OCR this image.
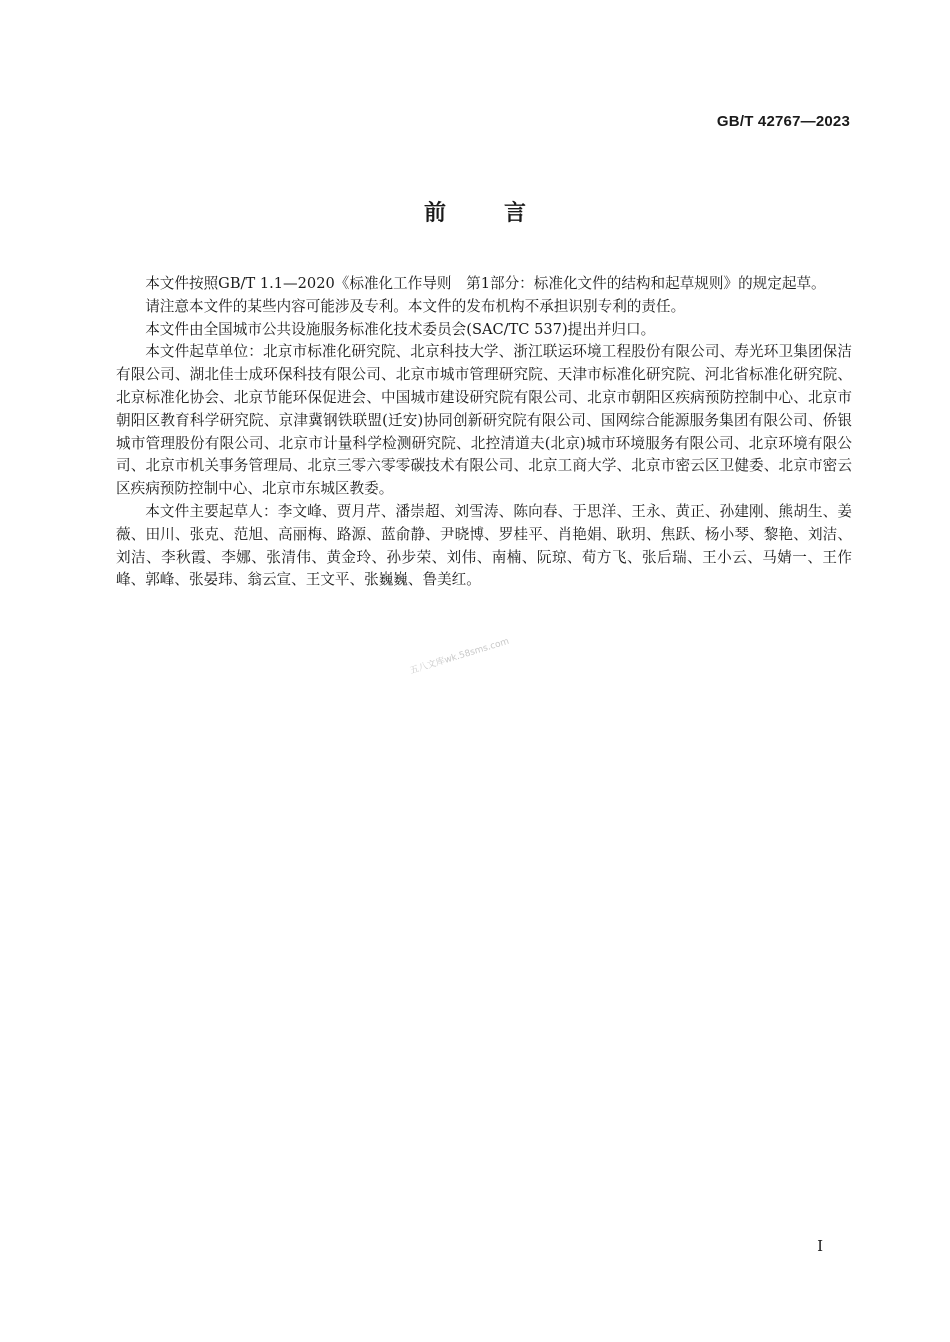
GB/T 42767—2023
前言

本文件按照GB/T 1.1—2020《标准化工作导则　第1部分：标准化文件的结构和起草规则》的规定起草。

请注意本文件的某些内容可能涉及专利。本文件的发布机构不承担识别专利的责任。

本文件由全国城市公共设施服务标准化技术委员会(SAC/TC 537)提出并归口。

本文件起草单位：北京市标准化研究院、北京科技大学、浙江联运环境工程股份有限公司、寿光环卫集团保洁有限公司、湖北佳士成环保科技有限公司、北京市城市管理研究院、天津市标准化研究院、河北省标准化研究院、北京标准化协会、北京节能环保促进会、中国城市建设研究院有限公司、北京市朝阳区疾病预防控制中心、北京市朝阳区教育科学研究院、京津冀钢铁联盟(迁安)协同创新研究院有限公司、国网综合能源服务集团有限公司、侨银城市管理股份有限公司、北京市计量科学检测研究院、北控清道夫(北京)城市环境服务有限公司、北京环境有限公司、北京市机关事务管理局、北京三零六零零碳技术有限公司、北京工商大学、北京市密云区卫健委、北京市密云区疾病预防控制中心、北京市东城区教委。

本文件主要起草人：李文峰、贾月芹、潘崇超、刘雪涛、陈向春、于思洋、王永、黄正、孙建刚、熊胡生、姜薇、田川、张克、范旭、高丽梅、路源、蓝俞静、尹晓博、罗桂平、肖艳娟、耿玥、焦跃、杨小琴、黎艳、刘洁、刘洁、李秋霞、李娜、张清伟、黄金玲、孙步荣、刘伟、南楠、阮琼、荀方飞、张后瑞、王小云、马婧一、王作峰、郭峰、张晏玮、翁云宣、王文平、张巍巍、鲁美红。

五八文库wk.58sms.com
I
